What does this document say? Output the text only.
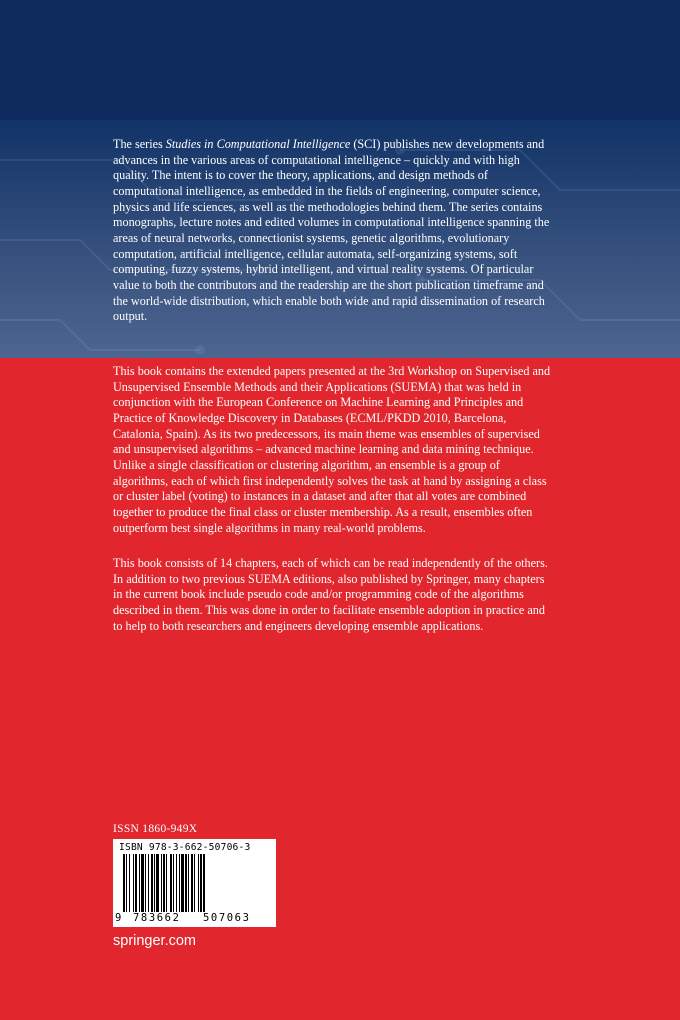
The series Studies in Computational Intelligence (SCI) publishes new developments and advances in the various areas of computational intelligence – quickly and with high quality. The intent is to cover the theory, applications, and design methods of computational intelligence, as embedded in the fields of engineering, computer science, physics and life sciences, as well as the methodologies behind them. The series contains monographs, lecture notes and edited volumes in computational intelligence spanning the areas of neural networks, connectionist systems, genetic algorithms, evolutionary computation, artificial intelligence, cellular automata, self-organizing systems, soft computing, fuzzy systems, hybrid intelligent, and virtual reality systems. Of particular value to both the contributors and the readership are the short publication timeframe and the world-wide distribution, which enable both wide and rapid dissemination of research output.

This book contains the extended papers presented at the 3rd Workshop on Supervised and Unsupervised Ensemble Methods and their Applications (SUEMA) that was held in conjunction with the European Conference on Machine Learning and Principles and Practice of Knowledge Discovery in Databases (ECML/PKDD 2010, Barcelona, Catalonia, Spain). As its two predecessors, its main theme was ensembles of supervised and unsupervised algorithms – advanced machine learning and data mining technique. Unlike a single classification or clustering algorithm, an ensemble is a group of algorithms, each of which first independently solves the task at hand by assigning a class or cluster label (voting) to instances in a dataset and after that all votes are combined together to produce the final class or cluster membership. As a result, ensembles often outperform best single algorithms in many real-world problems.

This book consists of 14 chapters, each of which can be read independently of the others. In addition to two previous SUEMA editions, also published by Springer, many chapters in the current book include pseudo code and/or programming code of the algorithms described in them. This was done in order to facilitate ensemble adoption in practice and to help to both researchers and engineers developing ensemble applications.

ISSN 1860-949X
ISBN 978-3-662-50706-3
9 783662 507063
springer.com
